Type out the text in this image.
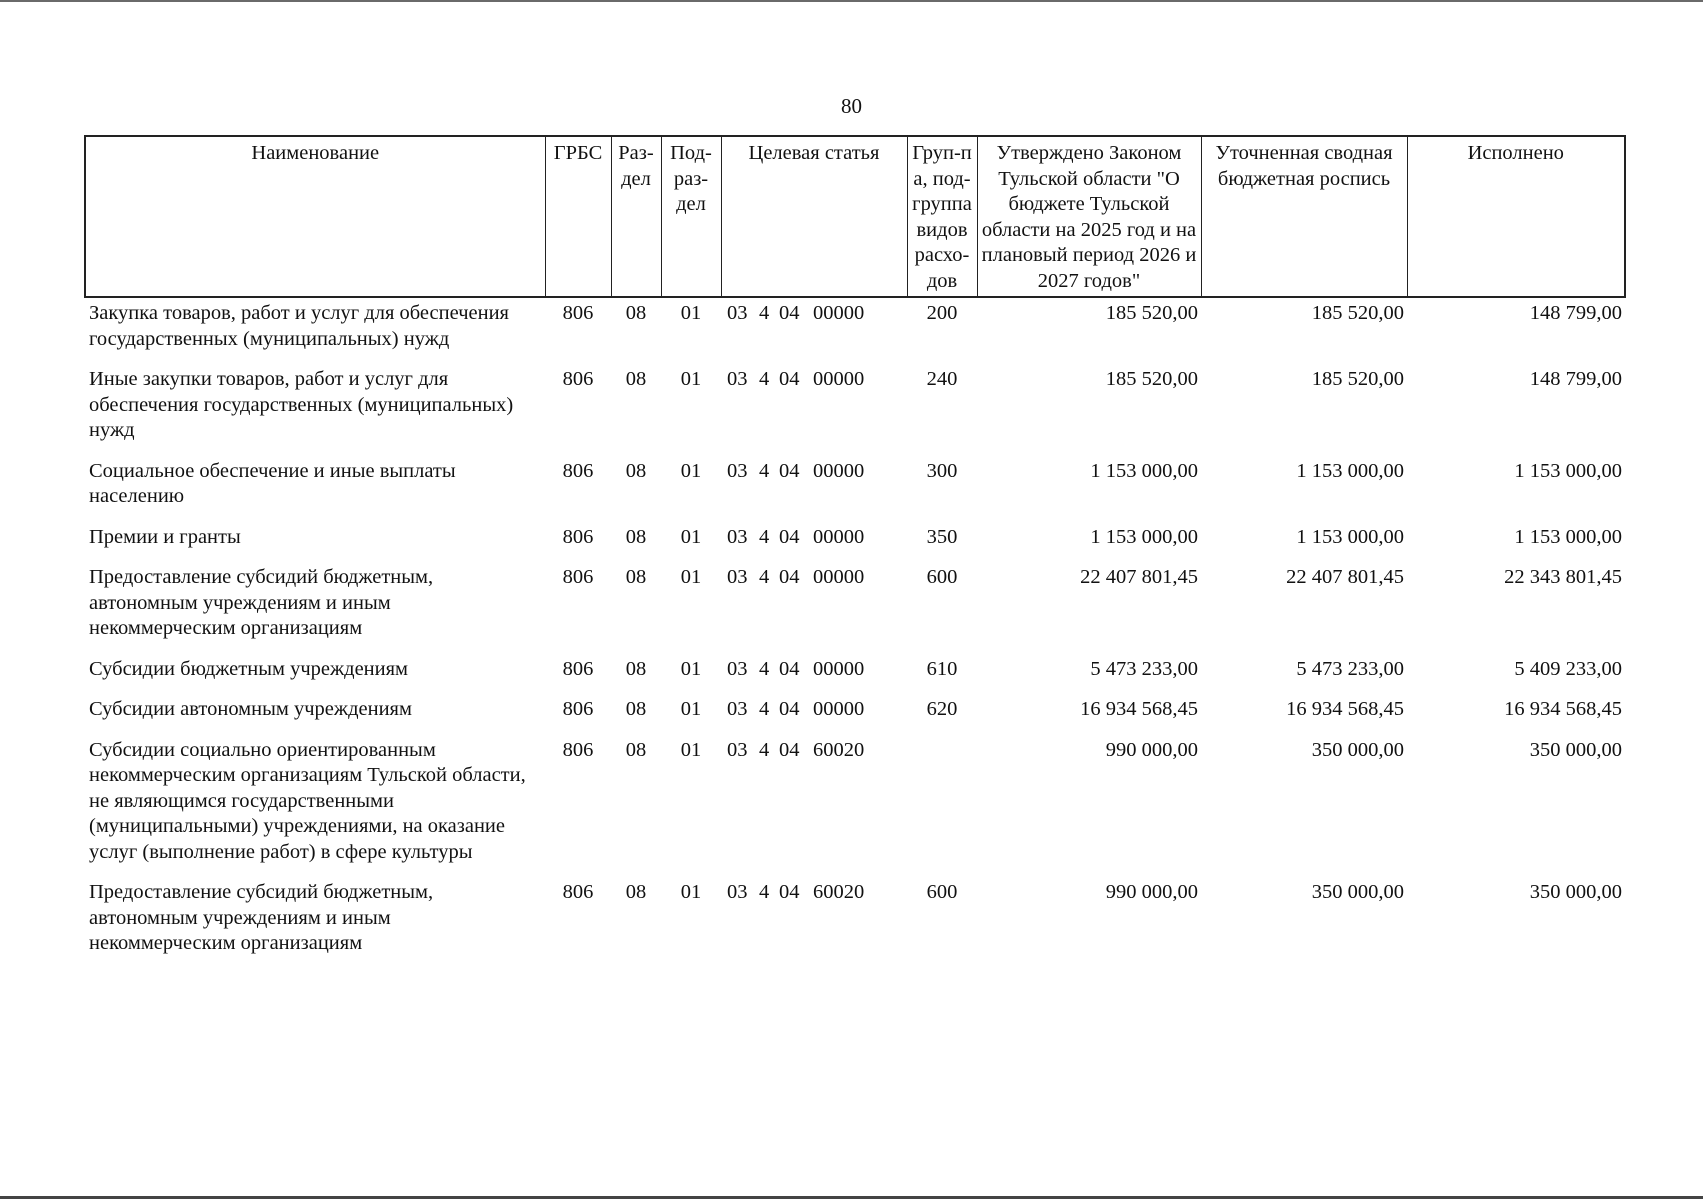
80
Наименование	ГРБС	Раз-дел	Под-раз-дел	Целевая статья	Груп-па, под-группа видов расхо-дов	Утверждено Законом Тульской области "О бюджете Тульской области на 2025 год и на плановый период 2026 и 2027 годов"	Уточненная сводная бюджетная роспись	Исполнено
Закупка товаров, работ и услуг для обеспечения государственных (муниципальных) нужд	806	08	01	03 4 04 00000	200	185 520,00	185 520,00	148 799,00
Иные закупки товаров, работ и услуг для обеспечения государственных (муниципальных) нужд	806	08	01	03 4 04 00000	240	185 520,00	185 520,00	148 799,00
Социальное обеспечение и иные выплаты населению	806	08	01	03 4 04 00000	300	1 153 000,00	1 153 000,00	1 153 000,00
Премии и гранты	806	08	01	03 4 04 00000	350	1 153 000,00	1 153 000,00	1 153 000,00
Предоставление субсидий бюджетным, автономным учреждениям и иным некоммерческим организациям	806	08	01	03 4 04 00000	600	22 407 801,45	22 407 801,45	22 343 801,45
Субсидии бюджетным учреждениям	806	08	01	03 4 04 00000	610	5 473 233,00	5 473 233,00	5 409 233,00
Субсидии автономным учреждениям	806	08	01	03 4 04 00000	620	16 934 568,45	16 934 568,45	16 934 568,45
Субсидии социально ориентированным некоммерческим организациям Тульской области, не являющимся государственными (муниципальными) учреждениями, на оказание услуг (выполнение работ) в сфере культуры	806	08	01	03 4 04 60020		990 000,00	350 000,00	350 000,00
Предоставление субсидий бюджетным, автономным учреждениям и иным некоммерческим организациям	806	08	01	03 4 04 60020	600	990 000,00	350 000,00	350 000,00
